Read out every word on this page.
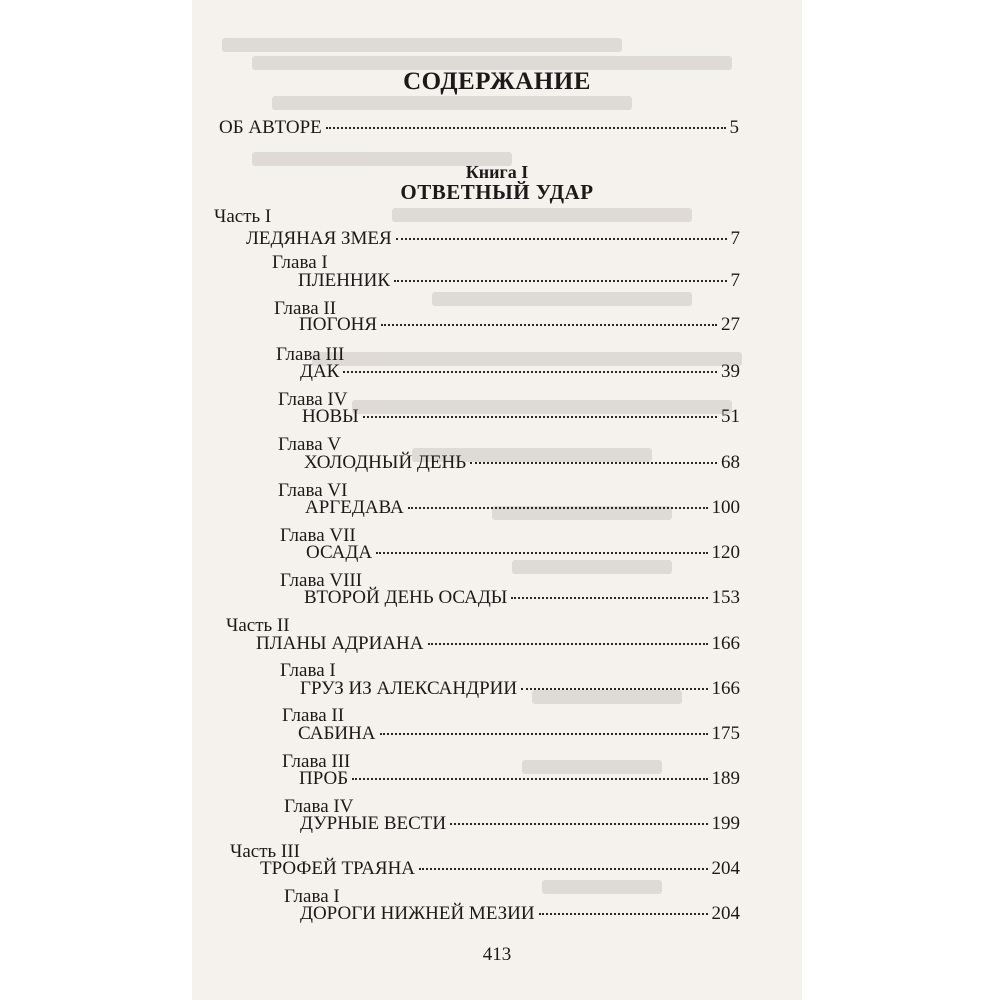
СОДЕРЖАНИЕ
ОБ АВТОРЕ	5
Книга I
ОТВЕТНЫЙ УДАР
Часть I
ЛЕДЯНАЯ ЗМЕЯ	7
Глава I
ПЛЕННИК	7
Глава II
ПОГОНЯ	27
Глава III
ДАК	39
Глава IV
НОВЫ	51
Глава V
ХОЛОДНЫЙ ДЕНЬ	68
Глава VI
АРГЕДАВА	100
Глава VII
ОСАДА	120
Глава VIII
ВТОРОЙ ДЕНЬ ОСАДЫ	153
Часть II
ПЛАНЫ АДРИАНА	166
Глава I
ГРУЗ ИЗ АЛЕКСАНДРИИ	166
Глава II
САБИНА	175
Глава III
ПРОБ	189
Глава IV
ДУРНЫЕ ВЕСТИ	199
Часть III
ТРОФЕЙ ТРАЯНА	204
Глава I
ДОРОГИ НИЖНЕЙ МЕЗИИ	204
413
